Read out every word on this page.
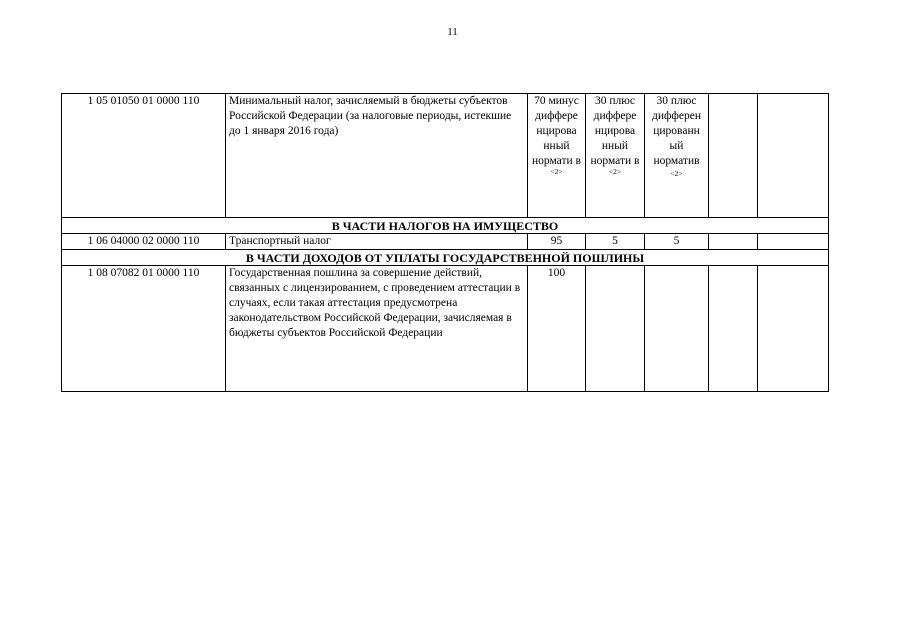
11
1 05 01050 01 0000 110	Минимальный налог, зачисляемый в бюджеты субъектов Российской Федерации (за налоговые периоды, истекшие до 1 января 2016 года)	70 минус диффере нцирова нный нормати в $^{<2>}$	30 плюс диффере нцирова нный нормати в $^{<2>}$	30 плюс дифферен цированн ый норматив
<2>		

В ЧАСТИ НАЛОГОВ НА ИМУЩЕСТВО						
1 06 04000 02 0000 110	Транспортный налог	95	5	5		
В ЧАСТИ ДОХОДОВ ОТ УПЛАТЫ ГОСУДАРСТВЕННОЙ ПОШЛИНЫ						
1 08 07082 01 0000 110	Государственная пошлина за совершение действий, связанных с лицензированием, с проведением аттестации в случаях, если такая аттестация предусмотрена законодательством Российской Федерации, зачисляемая в бюджеты субъектов Российской Федерации	100				
